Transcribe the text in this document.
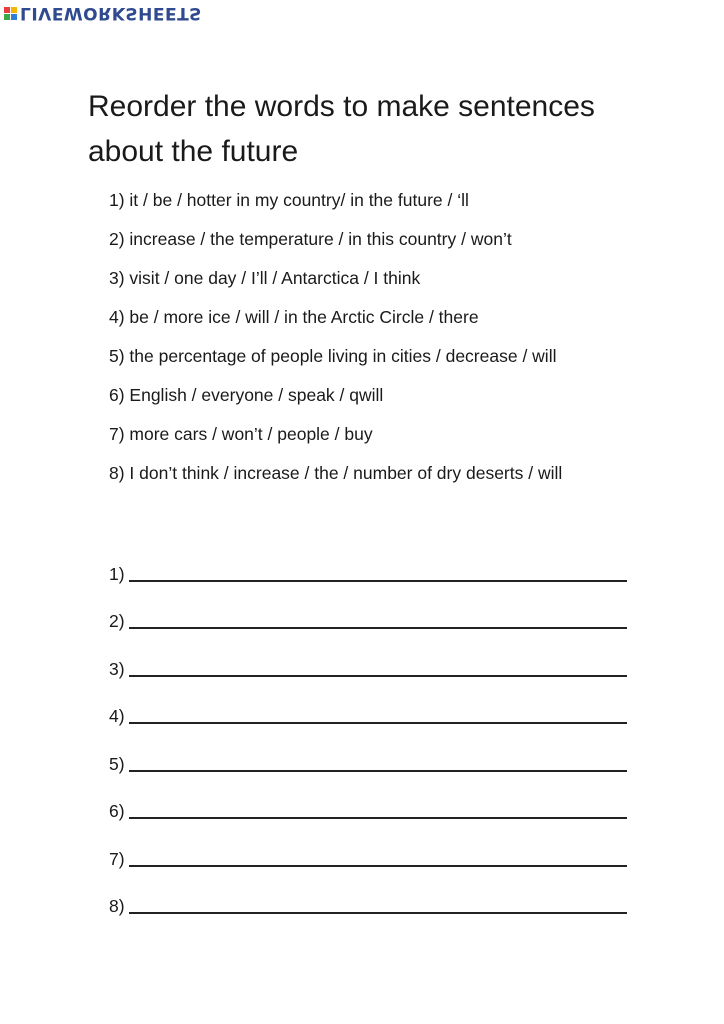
LIVEWORKSHEETS
Reorder the words to make sentences about the future
1) it / be / hotter in my country/ in the future / ‘ll
2) increase / the temperature / in this country / won’t
3) visit / one day / I’ll / Antarctica / I think
4) be / more ice / will / in the Arctic Circle / there
5) the percentage of people living in cities / decrease / will
6) English / everyone / speak / qwill
7) more cars / won’t / people / buy
8) I don’t think / increase / the / number of dry deserts / will
1)
2)
3)
4)
5)
6)
7)
8)
